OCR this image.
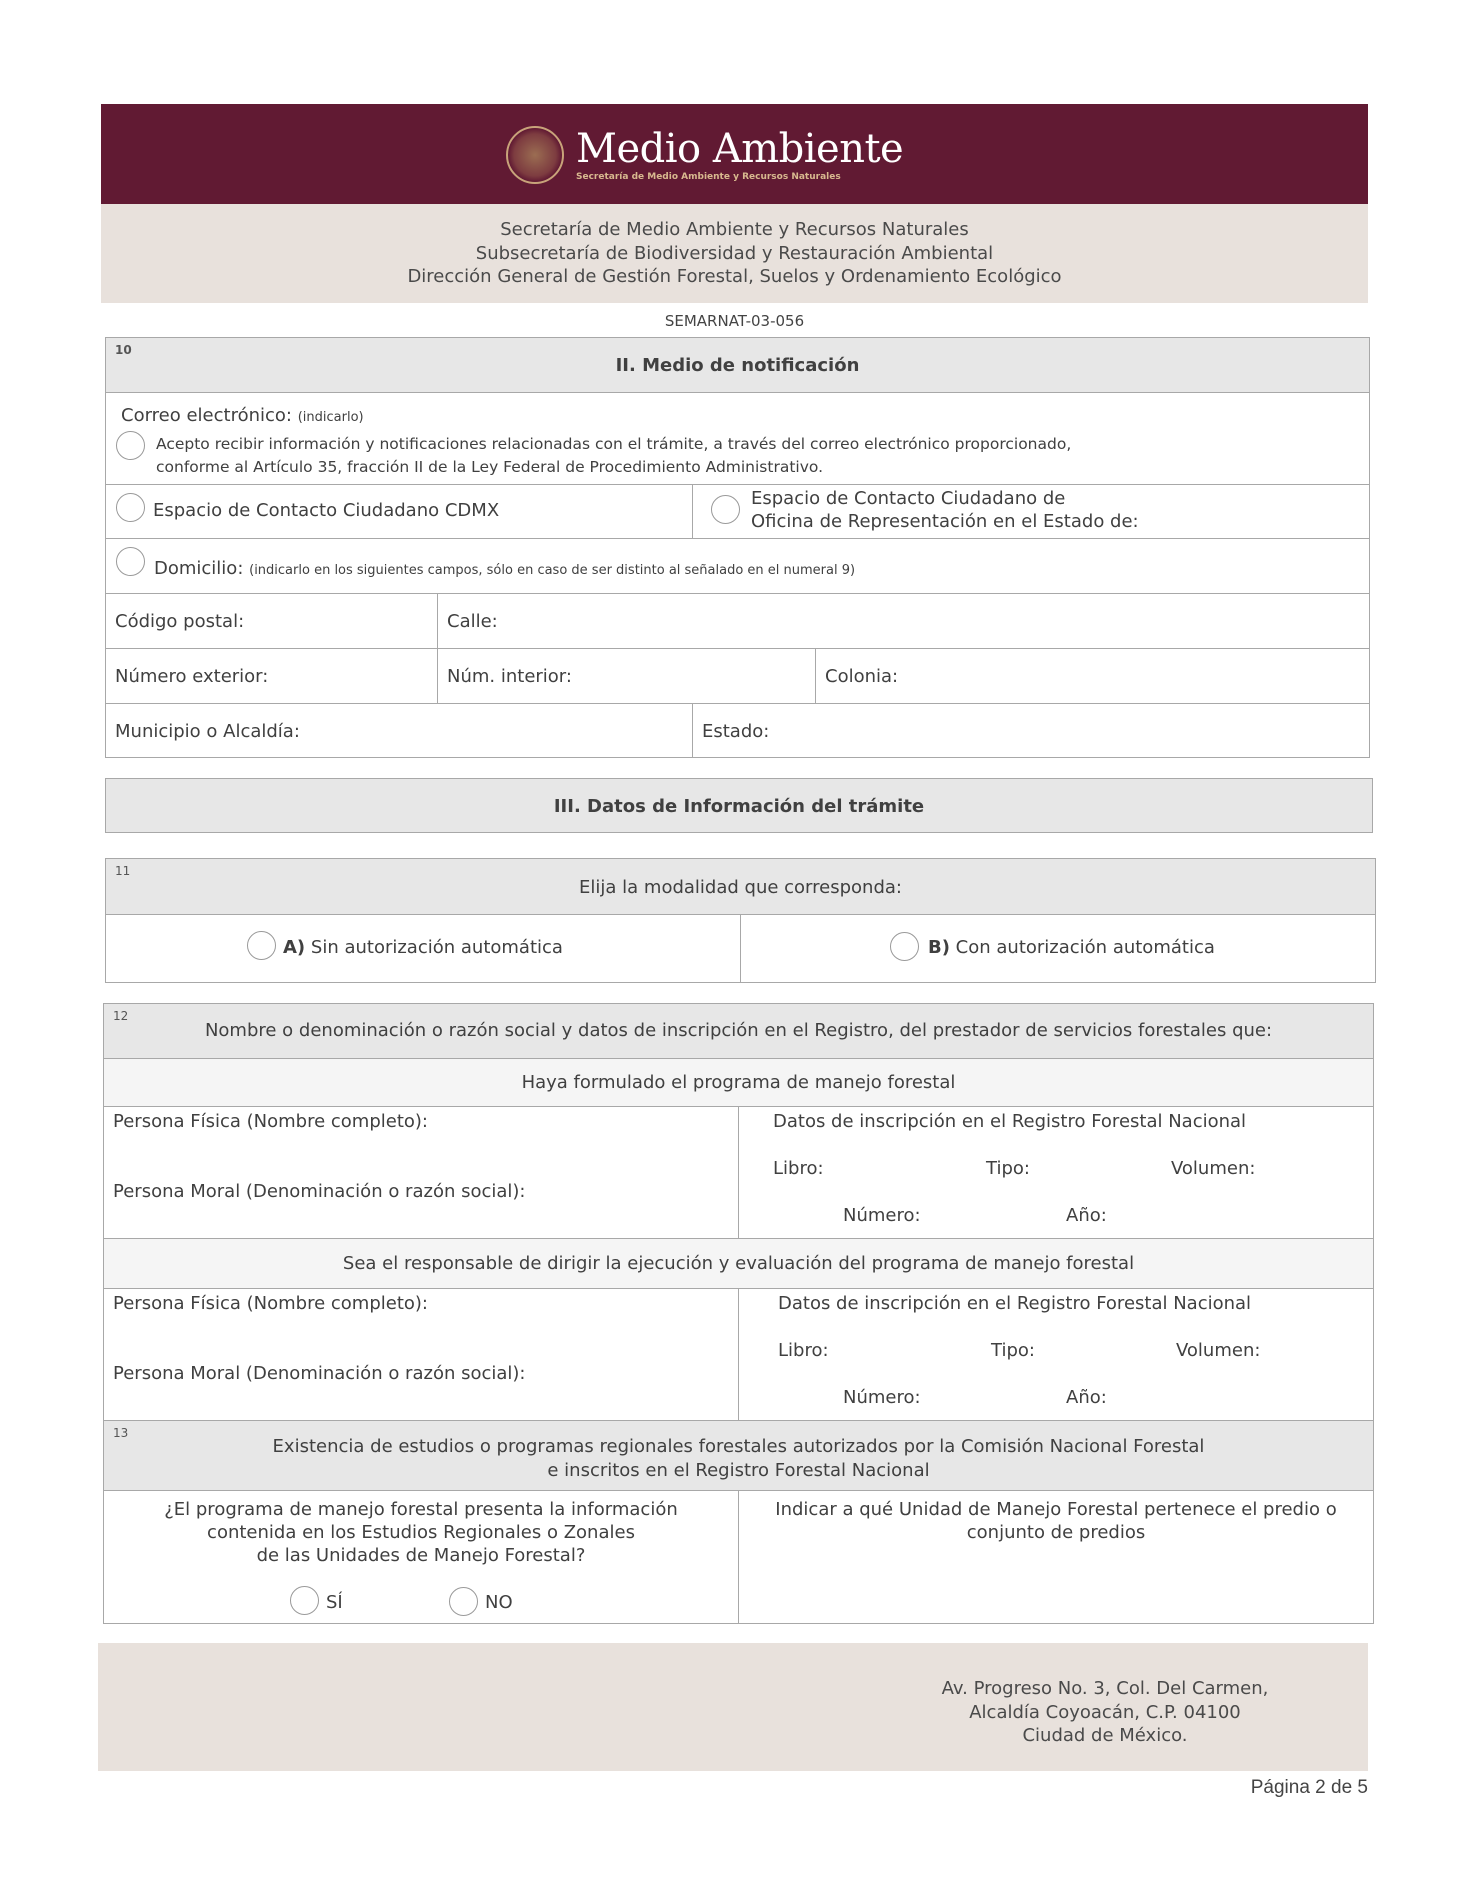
Medio Ambiente
Secretaría de Medio Ambiente y Recursos Naturales
Secretaría de Medio Ambiente y Recursos Naturales
Subsecretaría de Biodiversidad y Restauración Ambiental
Dirección General de Gestión Forestal, Suelos y Ordenamiento Ecológico
SEMARNAT-03-056
10
II. Medio de notificación
Correo electrónico: (indicarlo)
Acepto recibir información y notificaciones relacionadas con el trámite, a través del correo electrónico proporcionado,
conforme al Artículo 35, fracción II de la Ley Federal de Procedimiento Administrativo.
Espacio de Contacto Ciudadano CDMX
Espacio de Contacto Ciudadano de
Oficina de Representación en el Estado de:
Domicilio: (indicarlo en los siguientes campos, sólo en caso de ser distinto al señalado en el numeral 9)
Código postal:	Calle:
Número exterior:	Núm. interior:	Colonia:
Municipio o Alcaldía:	Estado:
III. Datos de Información del trámite
11
Elija la modalidad que corresponda:
A) Sin autorización automática	B) Con autorización automática
12
Nombre o denominación o razón social y datos de inscripción en el Registro, del prestador de servicios forestales que:
Haya formulado el programa de manejo forestal
Persona Física (Nombre completo):
Persona Moral (Denominación o razón social):
Datos de inscripción en el Registro Forestal Nacional
Libro:	Tipo:	Volumen:
Número:	Año:
Sea el responsable de dirigir la ejecución y evaluación del programa de manejo forestal
Persona Física (Nombre completo):
Persona Moral (Denominación o razón social):
Datos de inscripción en el Registro Forestal Nacional
Libro:	Tipo:	Volumen:
Número:	Año:
13
Existencia de estudios o programas regionales forestales autorizados por la Comisión Nacional Forestal
e inscritos en el Registro Forestal Nacional
¿El programa de manejo forestal presenta la información
contenida en los Estudios Regionales o Zonales
de las Unidades de Manejo Forestal?
SÍ	NO
Indicar a qué Unidad de Manejo Forestal pertenece el predio o
conjunto de predios
Av. Progreso No. 3, Col. Del Carmen,
Alcaldía Coyoacán, C.P. 04100
Ciudad de México.
Página 2 de 5
